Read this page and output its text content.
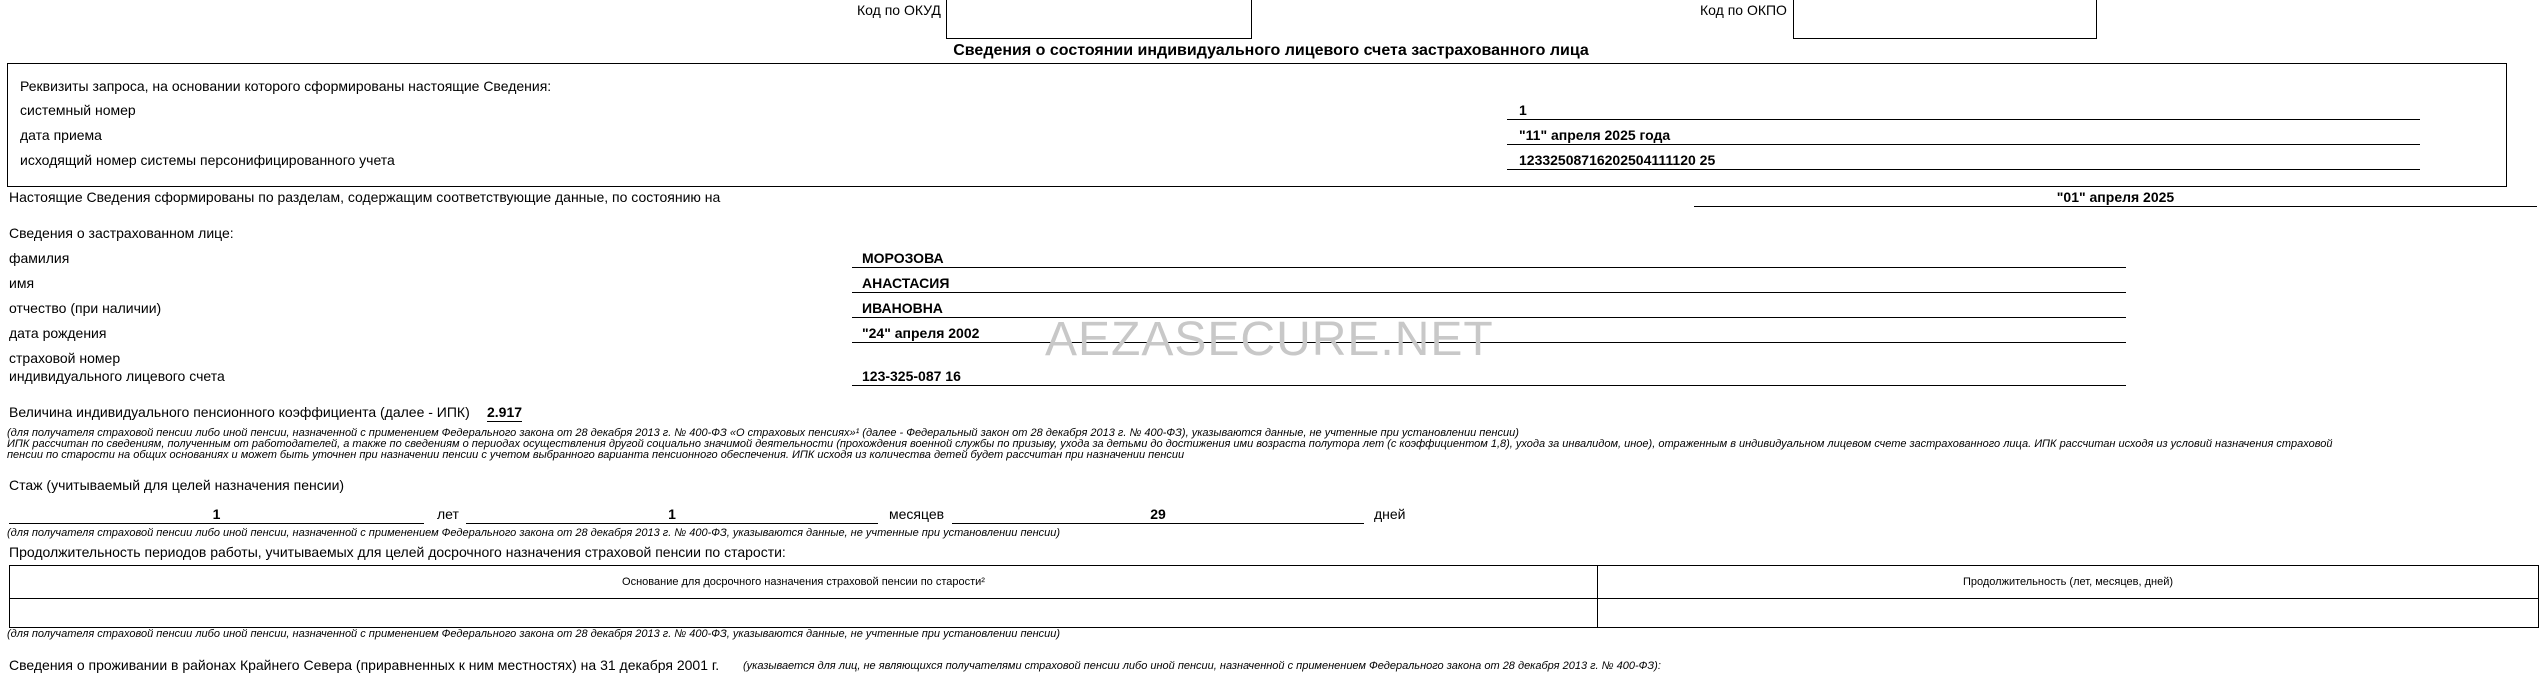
Код по ОКУД	Код по ОКПО
Сведения о состоянии индивидуального лицевого счета застрахованного лица
Реквизиты запроса, на основании которого сформированы настоящие Сведения:
системный номер	1
дата приема	"11" апреля 2025 года
исходящий номер системы персонифицированного учета	12332508716202504111120 25
Настоящие Сведения сформированы по разделам, содержащим соответствующие данные, по состоянию на	"01" апреля 2025
Сведения о застрахованном лице:
фамилия	МОРОЗОВА
имя	АНАСТАСИЯ
отчество (при наличии)	ИВАНОВНА
дата рождения	"24" апреля 2002
страховой номер
индивидуального лицевого счета	123-325-087 16
AEZASECURE.NET
Величина индивидуального пенсионного коэффициента (далее - ИПК) 2.917
(для получателя страховой пенсии либо иной пенсии, назначенной с применением Федерального закона от 28 декабря 2013 г. № 400-ФЗ «О страховых пенсиях»¹ (далее - Федеральный закон от 28 декабря 2013 г. № 400-ФЗ), указываются данные, не учтенные при установлении пенсии)
ИПК рассчитан по сведениям, полученным от работодателей, а также по сведениям о периодах осуществления другой социально значимой деятельности (прохождения военной службы по призыву, ухода за детьми до достижения ими возраста полутора лет (с коэффициентом 1,8), ухода за инвалидом, иное), отраженным в индивидуальном лицевом счете застрахованного лица. ИПК рассчитан исходя из условий назначения страховой
пенсии по старости на общих основаниях и может быть уточнен при назначении пенсии с учетом выбранного варианта пенсионного обеспечения. ИПК исходя из количества детей будет рассчитан при назначении пенсии
Стаж (учитываемый для целей назначения пенсии)
1	лет	1	месяцев	29	дней
(для получателя страховой пенсии либо иной пенсии, назначенной с применением Федерального закона от 28 декабря 2013 г. № 400-ФЗ, указываются данные, не учтенные при установлении пенсии)
Продолжительность периодов работы, учитываемых для целей досрочного назначения страховой пенсии по старости:
Основание для досрочного назначения страховой пенсии по старости²	Продолжительность (лет, месяцев, дней)

(для получателя страховой пенсии либо иной пенсии, назначенной с применением Федерального закона от 28 декабря 2013 г. № 400-ФЗ, указываются данные, не учтенные при установлении пенсии)
Сведения о проживании в районах Крайнего Севера (приравненных к ним местностях) на 31 декабря 2001 г. (указывается для лиц, не являющихся получателями страховой пенсии либо иной пенсии, назначенной с применением Федерального закона от 28 декабря 2013 г. № 400-ФЗ):
